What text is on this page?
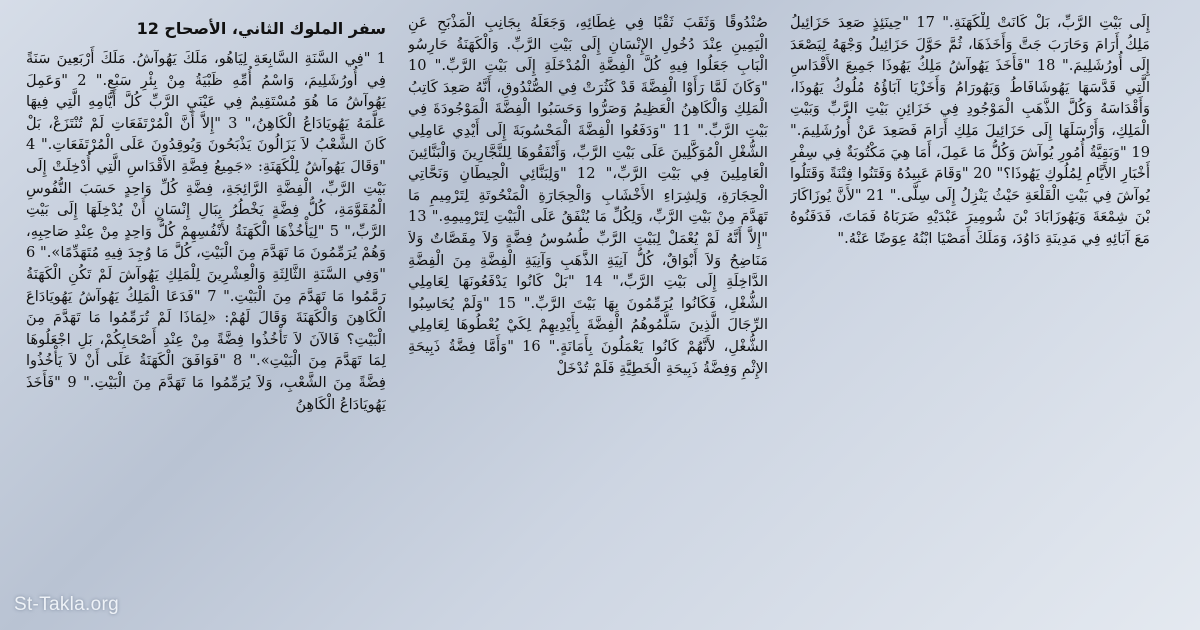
سفر الملوك الثاني، الأصحاح 12
1 "فِي السَّنَةِ السَّابِعَةِ لِيَاهُو، مَلَكَ يَهُوآشُ. مَلَكَ أَرْبَعِينَ سَنَةً فِي أُورُشَلِيمَ، وَاسْمُ أُمِّهِ ظَبْيَةُ مِنْ بِئْرِ سَبْعٍ." 2 "وَعَمِلَ يَهُوآشُ مَا هُوَ مُسْتَقِيمٌ فِي عَيْنَيِ الرَّبِّ كُلَّ أَيَّامِهِ الَّتِي فِيهَا عَلَّمَهُ يَهُويَادَاعُ الْكَاهِنُ،" 3 "إِلاَّ أَنَّ الْمُرْتَفَعَاتِ لَمْ تُنْتَزَعْ، بَلْ كَانَ الشَّعْبُ لاَ يَزَالُونَ يَذْبَحُونَ وَيُوقِدُونَ عَلَى الْمُرْتَفَعَاتِ." 4 "وَقَالَ يَهُوآشُ لِلْكَهَنَةِ: «جَمِيعُ فِضَّةِ الأَقْدَاسِ الَّتِي أُدْخِلَتْ إِلَى بَيْتِ الرَّبِّ، الْفِضَّةِ الرَّائِجَةِ، فِضَّةِ كُلِّ وَاحِدٍ حَسَبَ النُّفُوسِ الْمُقَوَّمَةِ، كُلُّ فِضَّةٍ يَخْطُرُ بِبَالِ إِنْسَانٍ أَنْ يُدْخِلَهَا إِلَى بَيْتِ الرَّبِّ،" 5 "لِيَأْخُذْهَا الْكَهَنَةُ لأَنْفُسِهِمْ كُلُّ وَاحِدٍ مِنْ عِنْدِ صَاحِبِهِ، وَهُمْ يُرَمِّمُونَ مَا تَهَدَّمَ مِنَ الْبَيْتِ، كُلَّ مَا وُجِدَ فِيهِ مُتَهَدِّمًا»." 6 "وَفِي السَّنَةِ الثَّالِثَةِ وَالْعِشْرِينَ لِلْمَلِكِ يَهُوآشَ لَمْ تَكُنِ الْكَهَنَةُ رَمَّمُوا مَا تَهَدَّمَ مِنَ الْبَيْتِ." 7 "فَدَعَا الْمَلِكُ يَهُوآشُ يَهُويَادَاعَ الْكَاهِنَ وَالْكَهَنَةَ وَقَالَ لَهُمْ: «لِمَاذَا لَمْ تُرَمِّمُوا مَا تَهَدَّمَ مِنَ الْبَيْتِ؟ فَالآنَ لاَ تَأْخُذُوا فِضَّةً مِنْ عِنْدِ أَصْحَابِكُمْ، بَلِ اجْعَلُوهَا لِمَا تَهَدَّمَ مِنَ الْبَيْتِ»." 8 "فَوَافَقَ الْكَهَنَةُ عَلَى أَنْ لاَ يَأْخُذُوا فِضَّةً مِنَ الشَّعْبِ، وَلاَ يُرَمِّمُوا مَا تَهَدَّمَ مِنَ الْبَيْتِ." 9 "فَأَخَذَ يَهُويَادَاعُ الْكَاهِنُ
صُنْدُوقًا وَثَقَبَ ثَقْبًا فِي غِطَائِهِ، وَجَعَلَهُ بِجَانِبِ الْمَذْبَحِ عَنِ الْيَمِينِ عِنْدَ دُخُولِ الإِنْسَانِ إِلَى بَيْتِ الرَّبِّ. وَالْكَهَنَةُ حَارِسُو الْبَابِ جَعَلُوا فِيهِ كُلَّ الْفِضَّةِ الْمُدْخَلَةِ إِلَى بَيْتِ الرَّبِّ." 10 "وَكَانَ لَمَّا رَأَوْا الْفِضَّةَ قَدْ كَثُرَتْ فِي الصُّنْدُوقِ، أَنَّهُ صَعِدَ كَاتِبُ الْمَلِكِ وَالْكَاهِنُ الْعَظِيمُ وَصَرُّوا وَحَسَبُوا الْفِضَّةَ الْمَوْجُودَةَ فِي بَيْتِ الرَّبِّ." 11 "وَدَفَعُوا الْفِضَّةَ الْمَحْسُوبَةَ إِلَى أَيْدِي عَامِلِي الشُّغْلِ الْمُوَكَّلِينَ عَلَى بَيْتِ الرَّبِّ، وَأَنْفَقُوهَا لِلنَّجَّارِينَ وَالْبَنَّائِينَ الْعَامِلِينَ فِي بَيْتِ الرَّبِّ،" 12 "وَلِبَنَّائِي الْحِيطَانِ وَنَحَّاتِي الْحِجَارَةِ، وَلِشِرَاءِ الأَخْشَابِ وَالْحِجَارَةِ الْمَنْحُوتَةِ لِتَرْمِيمِ مَا تَهَدَّمَ مِنْ بَيْتِ الرَّبِّ، وَلِكُلِّ مَا يُنْفَقُ عَلَى الْبَيْتِ لِتَرْمِيمِهِ." 13 "إِلاَّ أَنَّهُ لَمْ يُعْمَلْ لِبَيْتِ الرَّبِّ طُسُوسُ فِضَّةٍ وَلاَ مِقَصَّاتٌ وَلاَ مَنَاضِحُ وَلاَ أَبْوَاقٌ، كُلُّ آنِيَةِ الذَّهَبِ وَآنِيَةِ الْفِضَّةِ مِنَ الْفِضَّةِ الدَّاخِلَةِ إِلَى بَيْتِ الرَّبِّ،" 14 "بَلْ كَانُوا يَدْفَعُونَهَا لِعَامِلِي الشُّغْلِ، فَكَانُوا يُرَمِّمُونَ بِهَا بَيْتَ الرَّبِّ." 15 "وَلَمْ يُحَاسِبُوا الرِّجَالَ الَّذِينَ سَلَّمُوهُمُ الْفِضَّةَ بِأَيْدِيهِمْ لِكَيْ يُعْطُوهَا لِعَامِلِي الشُّغْلِ، لأَنَّهُمْ كَانُوا يَعْمَلُونَ بِأَمَانَةٍ." 16 "وَأَمَّا فِضَّةُ ذَبِيحَةِ الإِثْمِ وَفِضَّةُ ذَبِيحَةِ الْخَطِيَّةِ فَلَمْ تُدْخَلْ
إِلَى بَيْتِ الرَّبِّ، بَلْ كَانَتْ لِلْكَهَنَةِ." 17 "حِينَئِذٍ صَعِدَ حَزَائِيلُ مَلِكُ أَرَامَ وَحَارَبَ جَتَّ وَأَخَذَهَا، ثُمَّ حَوَّلَ حَزَائِيلُ وَجْهَهُ لِيَصْعَدَ إِلَى أُورُشَلِيمَ." 18 "فَأَخَذَ يَهُوآشُ مَلِكُ يَهُوذَا جَمِيعَ الأَقْدَاسِ الَّتِي قَدَّسَهَا يَهُوشَافَاطُ وَيَهُورَامُ وَأَخَزْيَا آبَاؤُهُ مُلُوكُ يَهُوذَا، وَأَقْدَاسَهُ وَكُلَّ الذَّهَبِ الْمَوْجُودِ فِي خَزَائِنِ بَيْتِ الرَّبِّ وَبَيْتِ الْمَلِكِ، وَأَرْسَلَهَا إِلَى حَزَائِيلَ مَلِكِ أَرَامَ فَصَعِدَ عَنْ أُورُشَلِيمَ." 19 "وَبَقِيَّةُ أُمُورِ يُوآشَ وَكُلُّ مَا عَمِلَ، أَمَا هِيَ مَكْتُوبَةٌ فِي سِفْرِ أَخْبَارِ الأَيَّامِ لِمُلُوكِ يَهُوذَا؟" 20 "وَقَامَ عَبِيدُهُ وَفَتَنُوا فِتْنَةً وَقَتَلُوا يُوآشَ فِي بَيْتِ الْقَلْعَةِ حَيْثُ يَنْزِلُ إِلَى سِلَّى." 21 "لأَنَّ يُوزَاكَارَ بْنَ شِمْعَةَ وَيَهُوزَابَادَ بْنَ شُومِيرَ عَبْدَيْهِ ضَرَبَاهُ فَمَاتَ، فَدَفَنُوهُ مَعَ آبَائِهِ فِي مَدِينَةِ دَاوُدَ، وَمَلَكَ أَمَصْيَا ابْنُهُ عِوَضًا عَنْهُ."
St-Takla.org
